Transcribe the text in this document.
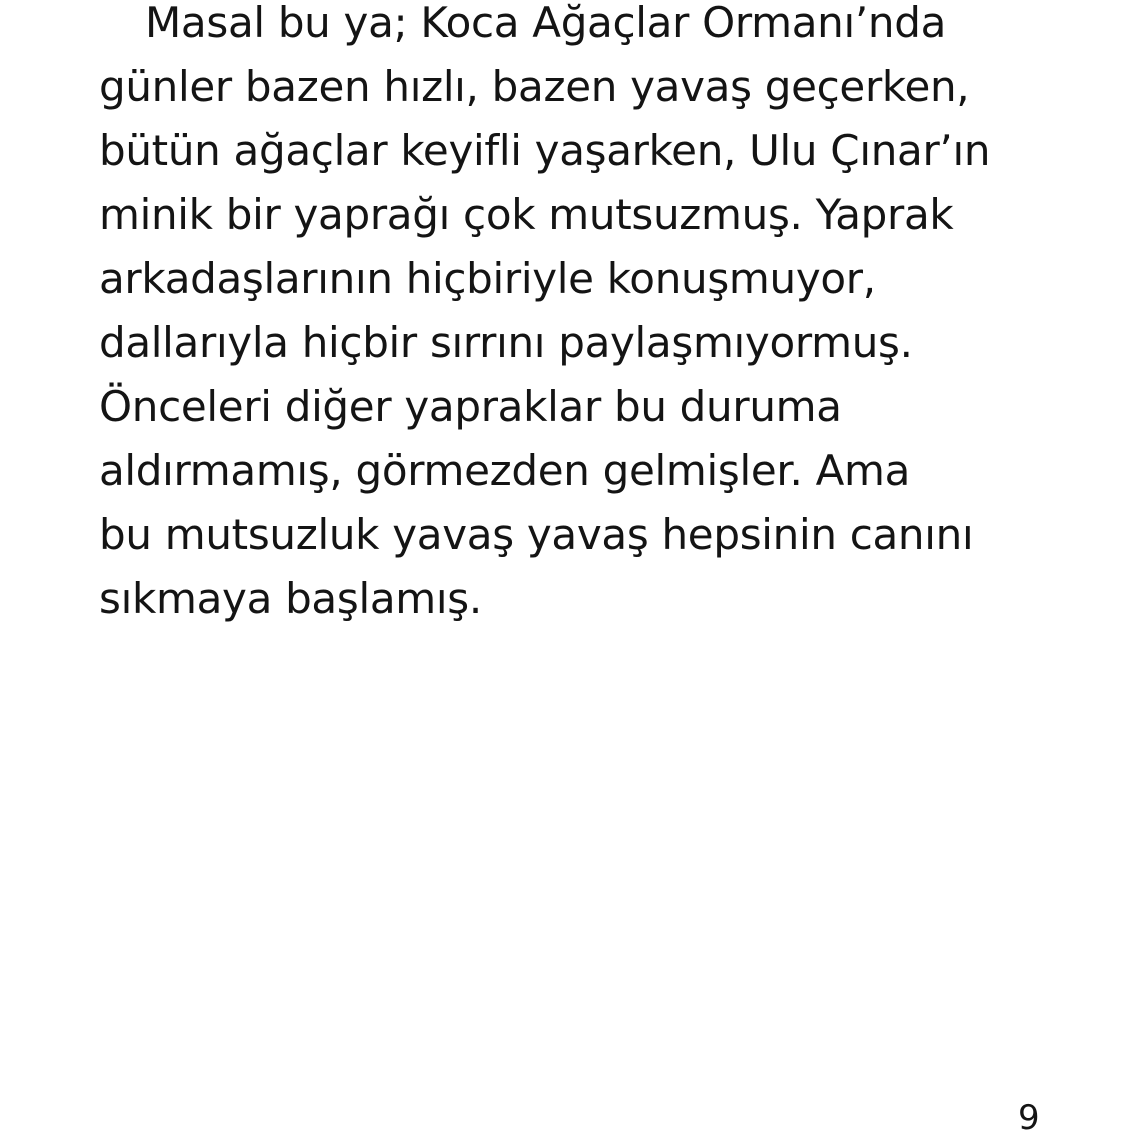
Masal bu ya; Koca Ağaçlar Ormanı’nda
günler bazen hızlı, bazen yavaş geçerken,
bütün ağaçlar keyifli yaşarken, Ulu Çınar’ın
minik bir yaprağı çok mutsuzmuş. Yaprak
arkadaşlarının hiçbiriyle konuşmuyor,
dallarıyla hiçbir sırrını paylaşmıyormuş.
Önceleri diğer yapraklar bu duruma
aldırmamış, görmezden gelmişler. Ama
bu mutsuzluk yavaş yavaş hepsinin canını
sıkmaya başlamış.
9
